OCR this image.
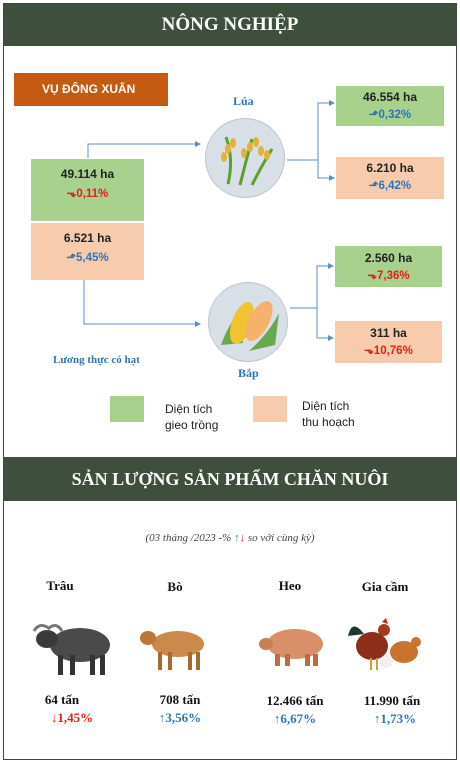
NÔNG NGHIỆP
VỤ ĐÔNG XUÂN
49.114 ha
⬎0,11%
6.521 ha
⬏5,45%
Lương thực có hạt
Lúa	46.554 ha
⬏0,32%
6.210 ha
⬏6,42%
Bắp
2.560 ha
⬎7,36%
311 ha
⬎10,76%
Diện tích
gieo trồng
Diện tích
thu hoạch
SẢN LƯỢNG SẢN PHẨM CHĂN NUÔI
(03 tháng /2023 -% ↑↓ so với cùng kỳ)
Trâu	Bò	Heo	Gia cầm
64 tấn	708 tấn	12.466 tấn	11.990 tấn
↓1,45%	↑3,56%	↑6,67%	↑1,73%
